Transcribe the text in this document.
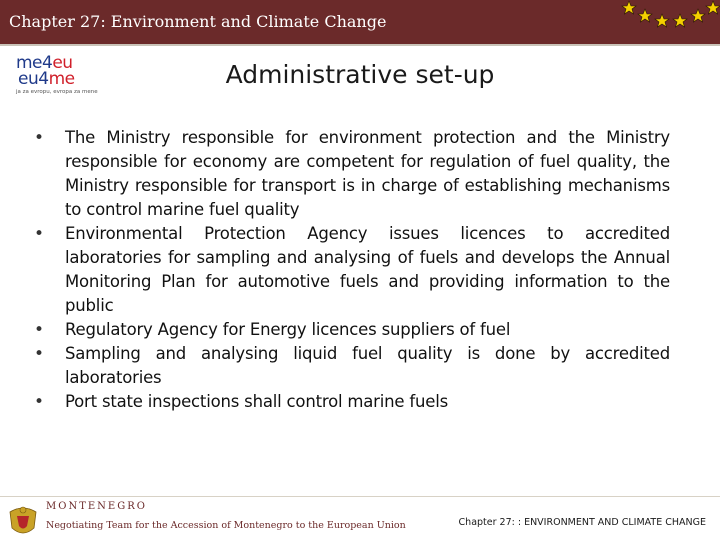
Chapter 27: Environment and Climate Change
me4eu
eu4me
ja za evropu, evropa za mene
Administrative set-up
• The Ministry responsible for environment protection and the Ministry responsible for economy are competent for regulation of fuel quality, the Ministry responsible for transport is in charge of establishing mechanisms to control marine fuel quality
• Environmental Protection Agency issues licences to accredited laboratories for sampling and analysing of fuels and develops the Annual Monitoring Plan for automotive fuels and providing information to the public
• Regulatory Agency for Energy licences suppliers of fuel
• Sampling and analysing liquid fuel quality is done by accredited laboratories
• Port state inspections shall control marine fuels
MONTENEGRO
Negotiating Team for the Accession of Montenegro to the European Union	Chapter 27: : ENVIRONMENT AND CLIMATE CHANGE
